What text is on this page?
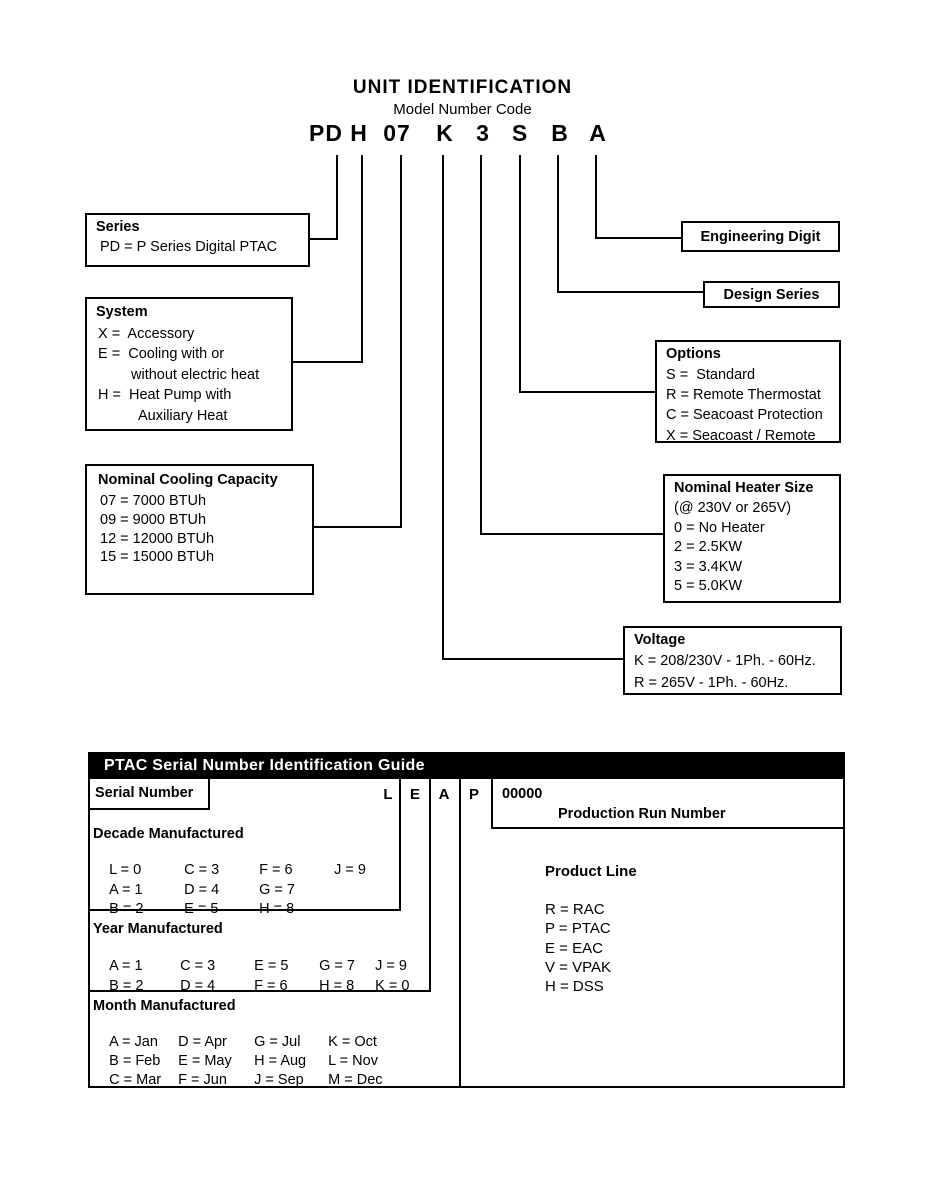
UNIT IDENTIFICATION
Model Number Code
PD H 07 K 3 S B A
Series
PD = P Series Digital PTAC
System
X =  Accessory
E =  Cooling with or
without electric heat
H =  Heat Pump with
Auxiliary Heat
Nominal Cooling Capacity
07 = 7000 BTUh
09 = 9000 BTUh
12 = 12000 BTUh
15 = 15000 BTUh
Engineering Digit
Design Series
Options
S =  Standard
R = Remote Thermostat
C = Seacoast Protection
X = Seacoast / Remote
Nominal Heater Size
(@ 230V or 265V)
0 = No Heater
2 = 2.5KW
3 = 3.4KW
5 = 5.0KW
Voltage
K = 208/230V - 1Ph. - 60Hz.
R = 265V - 1Ph. - 60Hz.
PTAC Serial Number Identification Guide
Serial Number	L E A P 00000
Production Run Number
Decade Manufactured

L = 0	C = 3	F = 6	J = 9

A = 1	D = 4	G = 7

B = 2	E = 5	H = 8

Year Manufactured

A = 1	C = 3	E = 5 G = 7 J = 9

B = 2	D = 4	F = 6 H = 8 K = 0

Month Manufactured

A = Jan D = Apr G = Jul K = Oct

B = Feb E = May H = Aug L = Nov

C = Mar F = Jun J = Sep M = Dec

Product Line
R = RAC
P = PTAC
E = EAC
V = VPAK
H = DSS
